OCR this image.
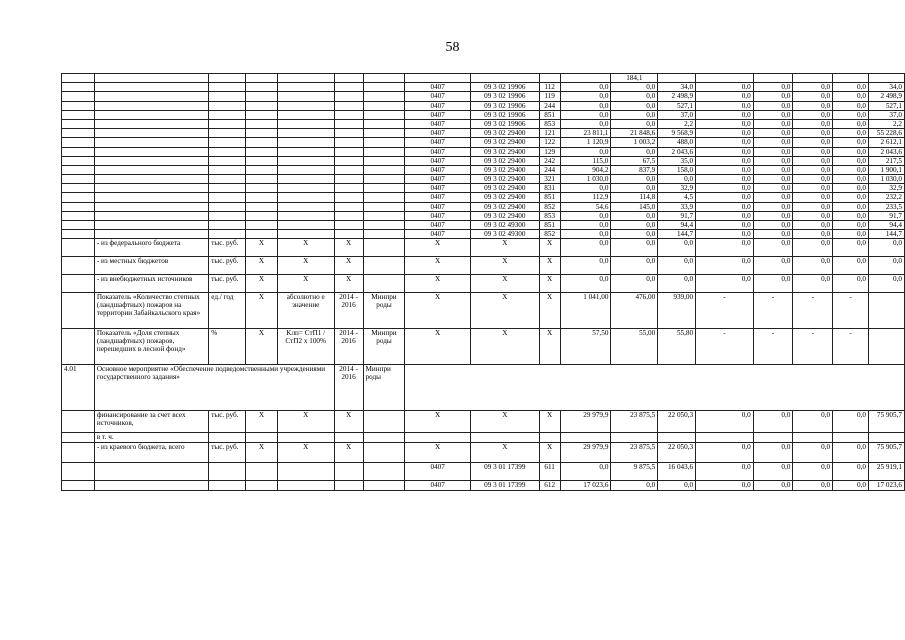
58
											184,1						
							0407	09 3 02 19906	112	0,0	0,0	34,0	0,0	0,0	0,0	0,0	34,0
							0407	09 3 02 19906	119	0,0	0,0	2 498,9	0,0	0,0	0,0	0,0	2 498,9
							0407	09 3 02 19906	244	0,0	0,0	527,1	0,0	0,0	0,0	0,0	527,1
							0407	09 3 02 19906	851	0,0	0,0	37,0	0,0	0,0	0,0	0,0	37,0
							0407	09 3 02 19906	853	0,0	0,0	2,2	0,0	0,0	0,0	0,0	2,2
							0407	09 3 02 29400	121	23 811,1	21 848,6	9 568,9	0,0	0,0	0,0	0,0	55 228,6
							0407	09 3 02 29400	122	1 120,9	1 003,2	488,0	0,0	0,0	0,0	0,0	2 612,1
							0407	09 3 02 29400	129	0,0	0,0	2 043,6	0,0	0,0	0,0	0,0	2 043,6
							0407	09 3 02 29400	242	115,0	67,5	35,0	0,0	0,0	0,0	0,0	217,5
							0407	09 3 02 29400	244	904,2	837,9	158,0	0,0	0,0	0,0	0,0	1 900,1
							0407	09 3 02 29400	321	1 030,0	0,0	0,0	0,0	0,0	0,0	0,0	1 030,0
							0407	09 3 02 29400	831	0,0	0,0	32,9	0,0	0,0	0,0	0,0	32,9
							0407	09 3 02 29400	851	112,9	114,8	4,5	0,0	0,0	0,0	0,0	232,2
							0407	09 3 02 29400	852	54,6	145,0	33,9	0,0	0,0	0,0	0,0	233,5
							0407	09 3 02 29400	853	0,0	0,0	91,7	0,0	0,0	0,0	0,0	91,7
							0407	09 3 02 49300	851	0,0	0,0	94,4	0,0	0,0	0,0	0,0	94,4
							0407	09 3 02 49300	852	0,0	0,0	144,7	0,0	0,0	0,0	0,0	144,7
	- из федерального бюджета	тыс. руб.	X	X	X		X	X	X	0,0	0,0	0,0	0,0	0,0	0,0	0,0	0,0
	- из местных бюджетов	тыс. руб.	X	X	X		X	X	X	0,0	0,0	0,0	0,0	0,0	0,0	0,0	0,0
	- из внебюджетных источников	тыс. руб.	X	X	X		X	X	X	0,0	0,0	0,0	0,0	0,0	0,0	0,0	0,0
	Показатель «Количество степных (ландшафтных) пожаров на территории Забайкальского края»	ед./ год	X	абсолютно е значение	2014 - 2016	Минпри роды	X	X	X	1 041,00	476,00	939,00	-	-	-	-	
	Показатель «Доля степных (ландшафтных) пожаров, перешедших в лесной фонд»	%	X	Kлп= СтП1 / СтП2 х 100%	2014 - 2016	Минпри роды	X	X	X	57,50	55,00	55,80	-	-	-	-	
4.01	Основное мероприятие «Обеспечение подведомственными учреждениями государственного задания»				2014 - 2016	Минпри роды											
	финансирование за счет всех источников,	тыс. руб.	X	X	X		X	X	X	29 979,9	23 875,5	22 050,3	0,0	0,0	0,0	0,0	75 905,7
	в т. ч.																
	- из краевого бюджета, всего	тыс. руб.	X	X	X		X	X	X	29 979,9	23 875,5	22 050,3	0,0	0,0	0,0	0,0	75 905,7
							0407	09 3 01 17399	611	0,0	9 875,5	16 043,6	0,0	0,0	0,0	0,0	25 919,1
							0407	09 3 01 17399	612	17 023,6	0,0	0,0	0,0	0,0	0,0	0,0	17 023,6
